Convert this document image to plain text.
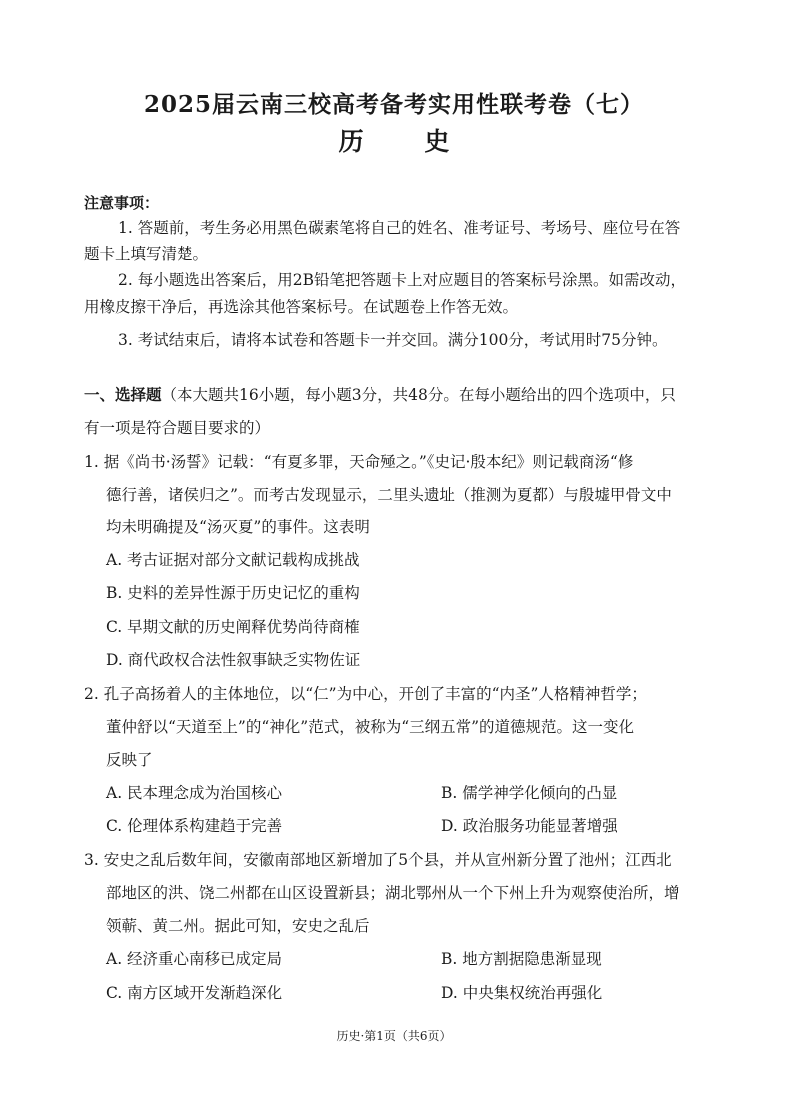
2025届云南三校高考备考实用性联考卷（七）
历 史
注意事项：
1. 答题前，考生务必用黑色碳素笔将自己的姓名、准考证号、考场号、座位号在答
题卡上填写清楚。
2. 每小题选出答案后，用2B铅笔把答题卡上对应题目的答案标号涂黑。如需改动，
用橡皮擦干净后，再选涂其他答案标号。在试题卷上作答无效。
3. 考试结束后，请将本试卷和答题卡一并交回。满分100分，考试用时75分钟。
一、选择题（本大题共16小题，每小题3分，共48分。在每小题给出的四个选项中，只
有一项是符合题目要求的）
1. 据《尚书·汤誓》记载：“有夏多罪，天命殛之。”《史记·殷本纪》则记载商汤“修
德行善，诸侯归之”。而考古发现显示，二里头遗址（推测为夏都）与殷墟甲骨文中
均未明确提及“汤灭夏”的事件。这表明
A. 考古证据对部分文献记载构成挑战
B. 史料的差异性源于历史记忆的重构
C. 早期文献的历史阐释优势尚待商榷
D. 商代政权合法性叙事缺乏实物佐证
2. 孔子高扬着人的主体地位，以“仁”为中心，开创了丰富的“内圣”人格精神哲学；
董仲舒以“天道至上”的“神化”范式，被称为“三纲五常”的道德规范。这一变化
反映了
A. 民本理念成为治国核心	B. 儒学神学化倾向的凸显
C. 伦理体系构建趋于完善	D. 政治服务功能显著增强
3. 安史之乱后数年间，安徽南部地区新增加了5个县，并从宣州新分置了池州；江西北
部地区的洪、饶二州都在山区设置新县；湖北鄂州从一个下州上升为观察使治所，增
领蕲、黄二州。据此可知，安史之乱后
A. 经济重心南移已成定局	B. 地方割据隐患渐显现
C. 南方区域开发渐趋深化	D. 中央集权统治再强化
历史·第1页（共6页）
